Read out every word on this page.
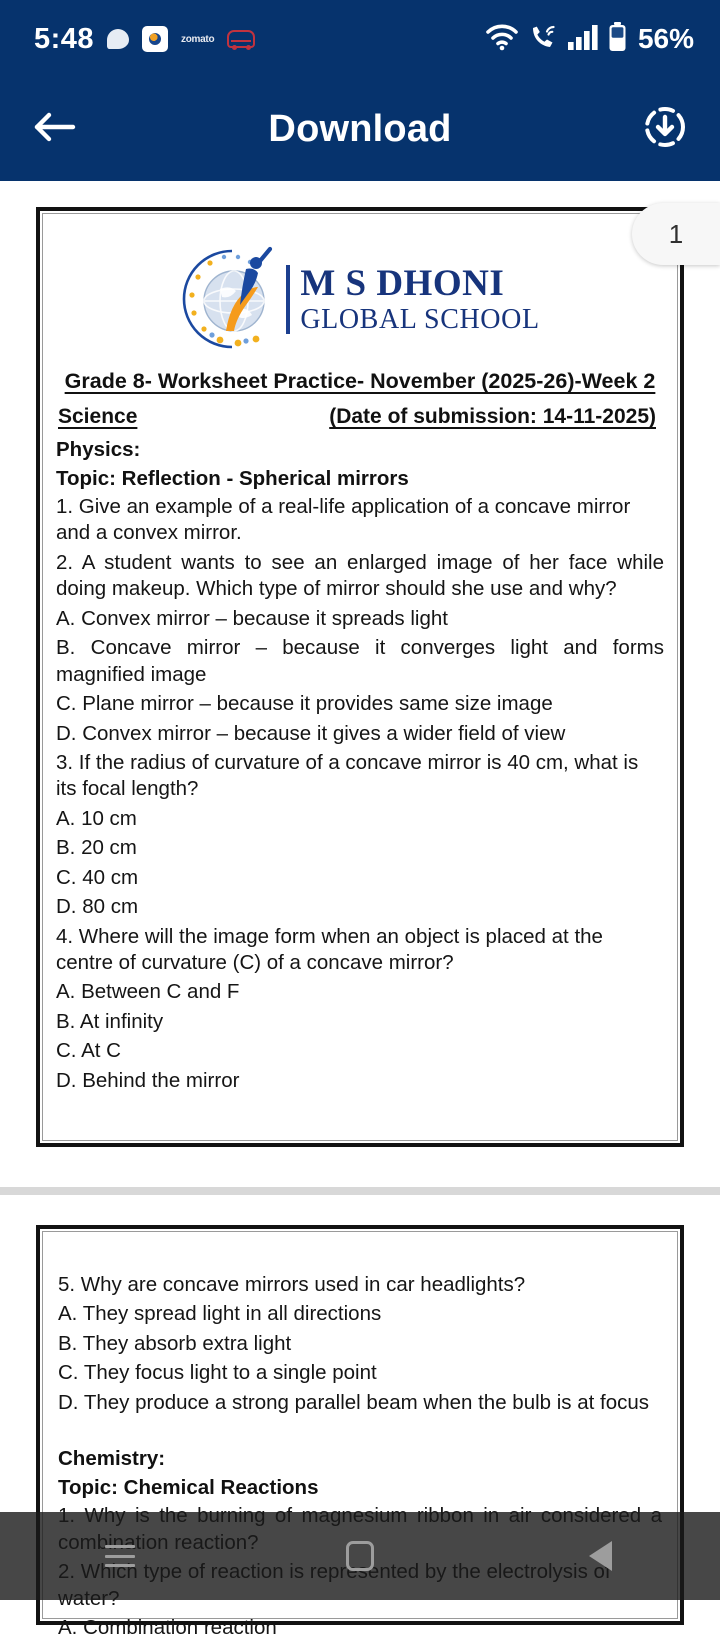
5:48	zomato	56%
Download
1
M S DHONI
GLOBAL SCHOOL
Grade 8- Worksheet Practice- November (2025-26)-Week 2
Science	(Date of submission: 14-11-2025)
Physics:
Topic: Reflection - Spherical mirrors
1. Give an example of a real-life application of a concave mirror and a convex mirror.
2. A student wants to see an enlarged image of her face while doing makeup. Which type of mirror should she use and why?
A. Convex mirror – because it spreads light
B. Concave mirror – because it converges light and forms magnified image
C. Plane mirror – because it provides same size image
D. Convex mirror – because it gives a wider field of view
3. If the radius of curvature of a concave mirror is 40 cm, what is its focal length?
A. 10 cm
B. 20 cm
C. 40 cm
D. 80 cm
4. Where will the image form when an object is placed at the centre of curvature (C) of a concave mirror?
A. Between C and F
B. At infinity
C. At C
D. Behind the mirror
5. Why are concave mirrors used in car headlights?
A. They spread light in all directions
B. They absorb extra light
C. They focus light to a single point
D. They produce a strong parallel beam when the bulb is at focus
Chemistry:
Topic: Chemical Reactions
A. Combination reaction
